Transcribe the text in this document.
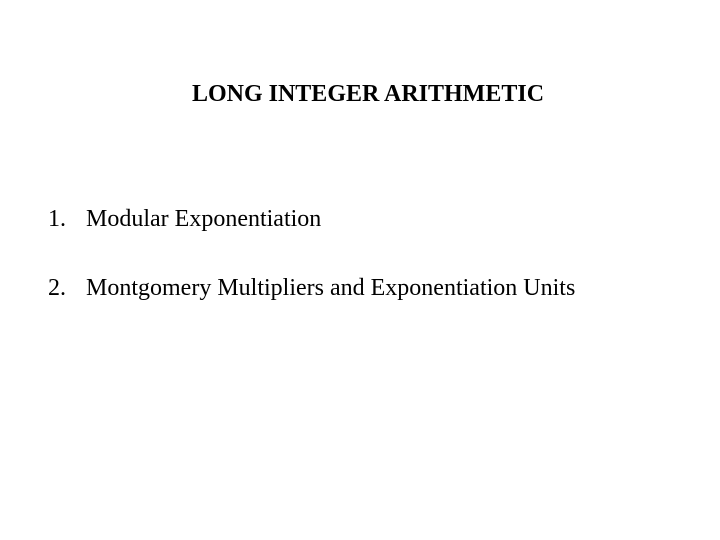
LONG INTEGER ARITHMETIC
1. Modular Exponentiation
2. Montgomery Multipliers and Exponentiation Units
